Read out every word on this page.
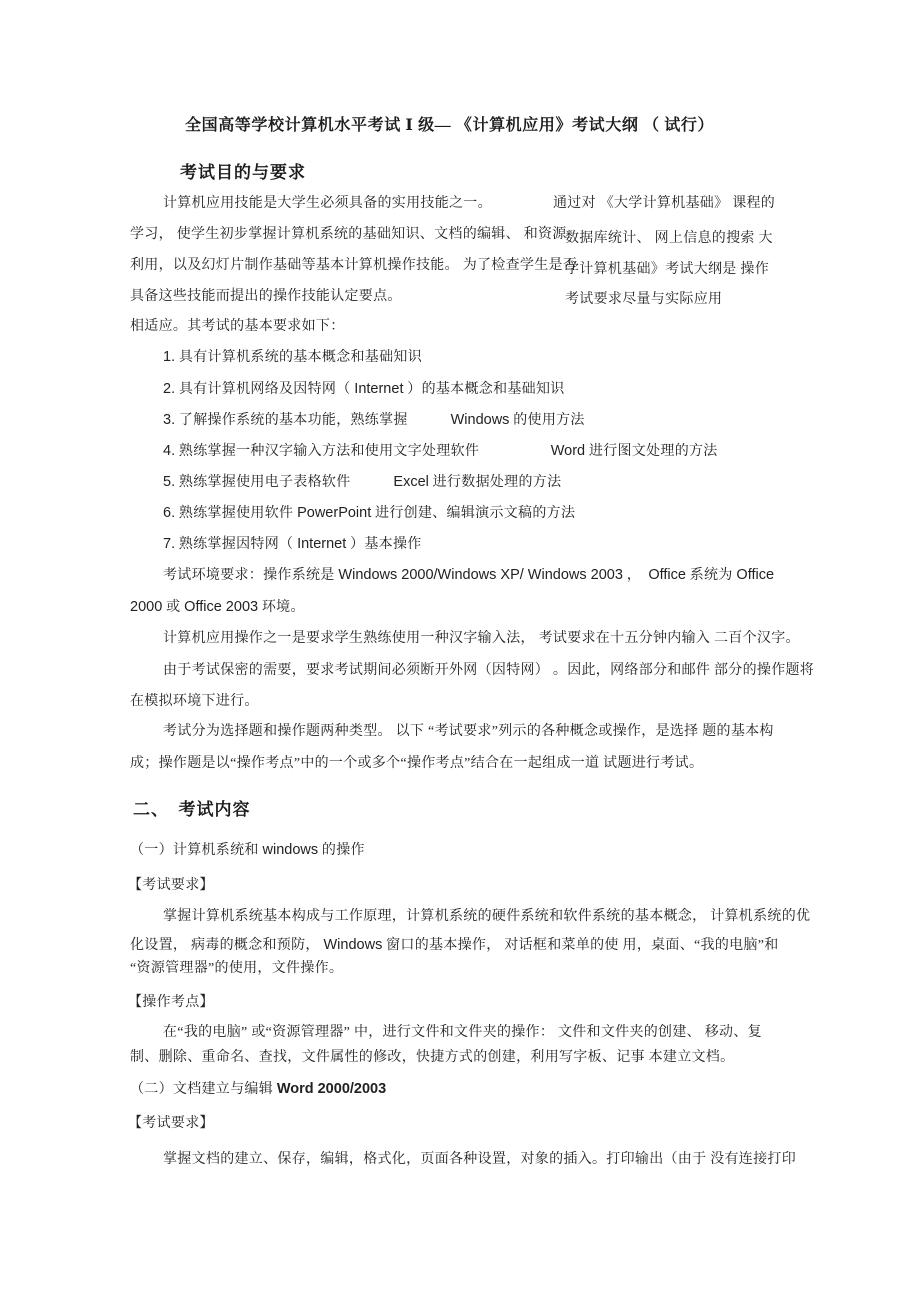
全国高等学校计算机水平考试 Ⅰ 级— 《计算机应用》考试大纲 （ 试行）
考试目的与要求
计算机应用技能是大学生必须具备的实用技能之一。	通过对 《大学计算机基础》 课程的
学习， 使学生初步掌握计算机系统的基础知识、文档的编辑、 和资源
数据库统计、 网上信息的搜索 大
利用，以及幻灯片制作基础等基本计算机操作技能。 为了检查学生是否
学计算机基础》考试大纲是 操作
具备这些技能而提出的操作技能认定要点。	考试要求尽量与实际应用
相适应。其考试的基本要求如下：
1. 具有计算机系统的基本概念和基础知识
2. 具有计算机网络及因特网（ Internet ）的基本概念和基础知识
3. 了解操作系统的基本功能，熟练掌握　　　Windows 的使用方法
4. 熟练掌握一种汉字输入方法和使用文字处理软件　　　　　Word 进行图文处理的方法
5. 熟练掌握使用电子表格软件　　　Excel 进行数据处理的方法
6. 熟练掌握使用软件 PowerPoint 进行创建、编辑演示文稿的方法
7. 熟练掌握因特网（ Internet ）基本操作
考试环境要求：操作系统是 Windows 2000/Windows XP/ Windows 2003 ，　Office 系统为 Office
2000 或 Office 2003 环境。
计算机应用操作之一是要求学生熟练使用一种汉字输入法， 考试要求在十五分钟内输入 二百个汉字。
由于考试保密的需要，要求考试期间必须断开外网（因特网） 。因此，网络部分和邮件 部分的操作题将
在模拟环境下进行。
考试分为选择题和操作题两种类型。 以下 “考试要求”列示的各种概念或操作，是选择 题的基本构
成；操作题是以“操作考点”中的一个或多个“操作考点”结合在一起组成一道 试题进行考试。
二、　考试内容
（一）计算机系统和 windows 的操作
【考试要求】
掌握计算机系统基本构成与工作原理，计算机系统的硬件系统和软件系统的基本概念， 计算机系统的优
化设置， 病毒的概念和预防， Windows 窗口的基本操作， 对话框和菜单的使 用，桌面、“我的电脑”和
“资源管理器”的使用，文件操作。
【操作考点】
在“我的电脑” 或“资源管理器” 中，进行文件和文件夹的操作： 文件和文件夹的创建、 移动、复
制、删除、重命名、查找，文件属性的修改，快捷方式的创建，利用写字板、记事 本建立文档。
（二）文档建立与编辑 Word 2000/2003
【考试要求】
掌握文档的建立、保存，编辑，格式化，页面各种设置，对象的插入。打印输出（由于 没有连接打印
